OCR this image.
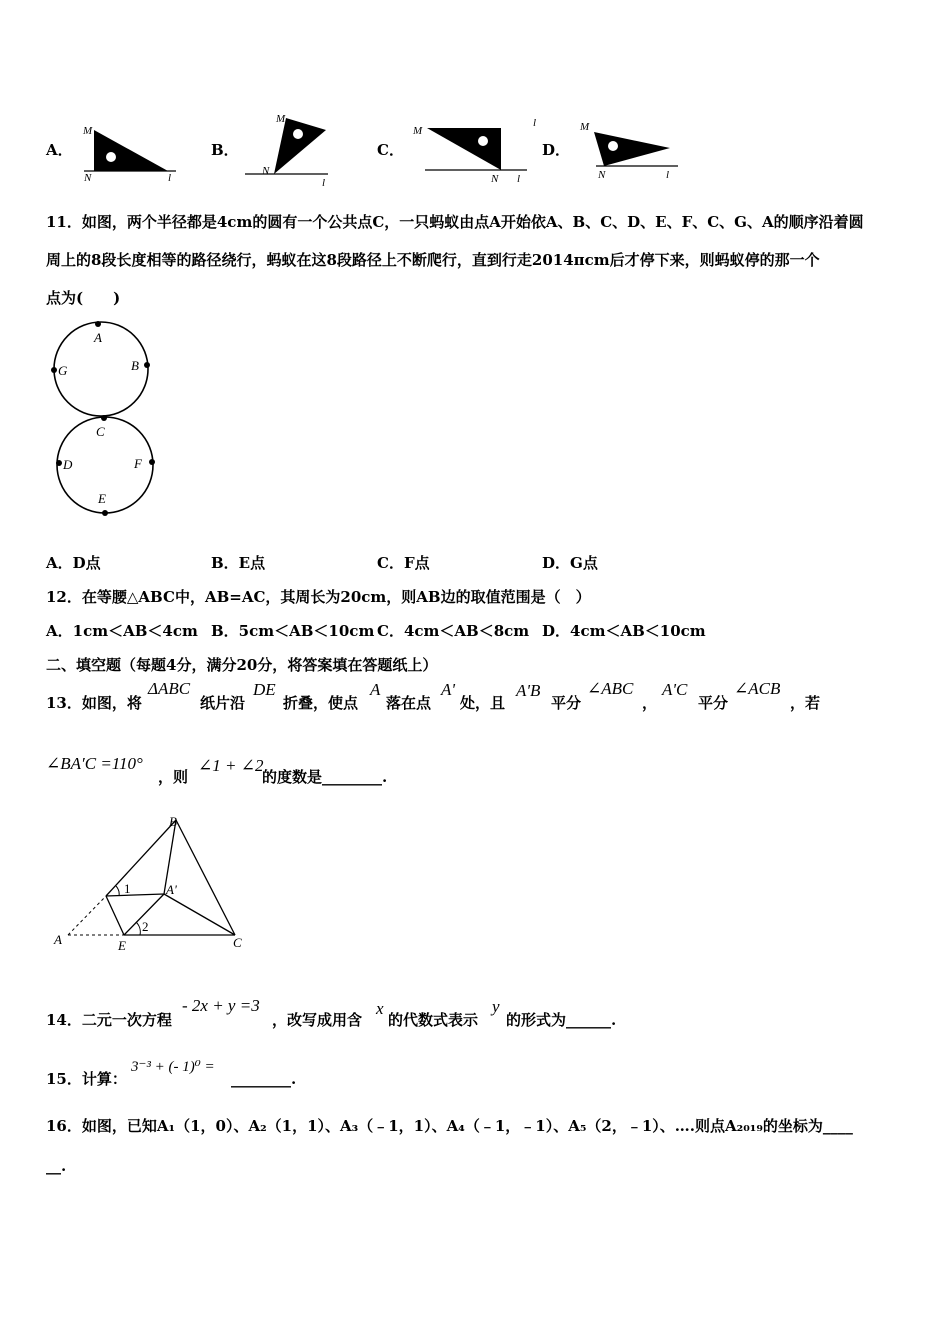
A．
M
N	l
B．
M
N
l
C．
M
N l
l
D．
M
N	l
11．如图，两个半径都是4cm的圆有一个公共点C，一只蚂蚁由点A开始依A、B、C、D、E、F、C、G、A的顺序沿着圆
周上的8段长度相等的路径绕行，蚂蚁在这8段路径上不断爬行，直到行走2014πcm后才停下来，则蚂蚁停的那一个
点为(　　)
A
B
G
C
D	F
E
A．D点	B．E点	C．F点	D．G点
12．在等腰△ABC中，AB=AC，其周长为20cm，则AB边的取值范围是（　）
A．1cm＜AB＜4cm B．5cm＜AB＜10cm C．4cm＜AB＜8cm D．4cm＜AB＜10cm
二、填空题（每题4分，满分20分，将答案填在答题纸上）
13．如图，将
ΔABC
纸片沿
DE
折叠，使点
A
落在点
A'
处，且
A'B
平分
∠ABC
，
A'C
平分
∠ACB
，若
∠BA′C =110°
，则
∠1 + ∠2
的度数是________.
A
B
C
E
A'
1
2
14．二元一次方程
- 2x + y =3
，改写成用含
x
的代数式表示
y
的形式为______.
15．计算：
3⁻³ + (- 1)⁰ =
________.
16．如图，已知A₁（1，0）、A₂（1，1）、A₃（﹣1，1）、A₄（﹣1，﹣1）、A₅（2，﹣1）、….则点A₂₀₁₉的坐标为____
__.
